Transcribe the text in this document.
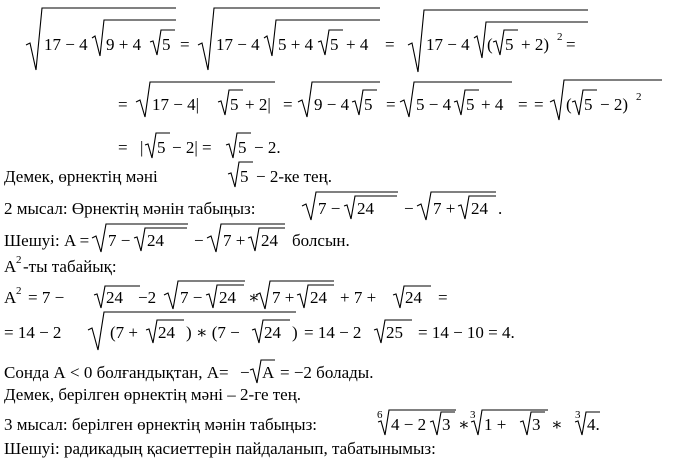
17 − 4 9 + 4 5 = 17 − 4 5 + 4 5 + 4 = 17 − 4 ( 5 + 2) 2 =
= 17 − 4| 5 + 2| = 9 − 4 5 = 5 − 4 5 + 4 = = ( 5 − 2) 2
= | 5 − 2| = 5 − 2.
Демек, өрнектің мәні	5 − 2-ке тең.
2 мысал: Өрнектің мәнін табыңыз:	7 − 24 − 7 + 24 .
Шешуі: A = 7 − 24 − 7 + 24 болсын.
A 2 -ты табайық:
A 2 = 7 − 24 −2 7 − 24 ∗ 7 + 24 + 7 + 24 =
= 14 − 2	(7 + 24 ) ∗ (7 − 24 ) = 14 − 2 25 = 14 − 10 = 4.
Сонда A < 0 болғандықтан, A= − A = −2 болады.
Демек, берілген өрнектің мәні – 2-ге тең.
3 мысал: берілген өрнектің мәнін табыңыз:	6 4 − 2 3 ∗ 3 1 + 3 ∗ 3 4.
Шешуі: радикадың қасиеттерін пайдаланып, табатынымыз:
